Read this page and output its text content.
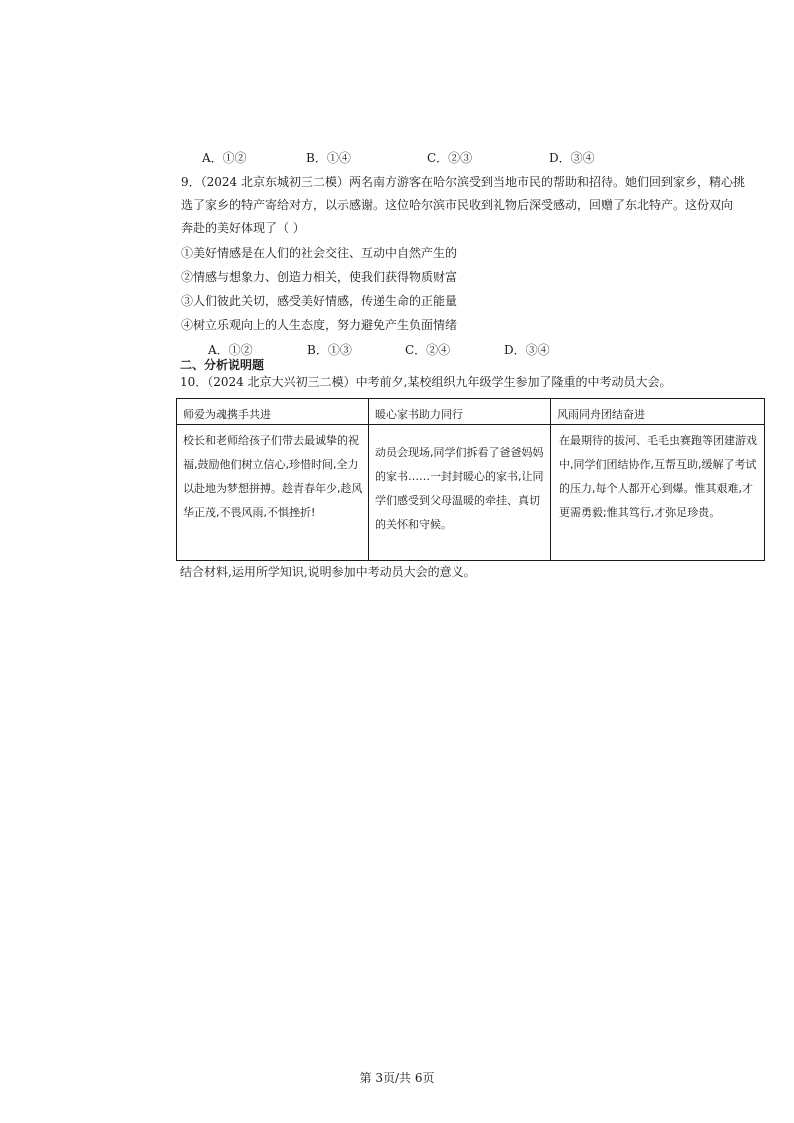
A．①②	B．①④	C．②③	D．③④
9．（2024 北京东城初三二模）两名南方游客在哈尔滨受到当地市民的帮助和招待。她们回到家乡，精心挑
选了家乡的特产寄给对方，以示感谢。这位哈尔滨市民收到礼物后深受感动，回赠了东北特产。这份双向
奔赴的美好体现了（ ）
①美好情感是在人们的社会交往、互动中自然产生的
②情感与想象力、创造力相关，使我们获得物质财富
③人们彼此关切，感受美好情感，传递生命的正能量
④树立乐观向上的人生态度，努力避免产生负面情绪
A．①②	B．①③	C．②④	D．③④
二、分析说明题
10．（2024 北京大兴初三二模）中考前夕,某校组织九年级学生参加了隆重的中考动员大会。
师爱为魂携手共进	暖心家书助力同行	风雨同舟团结奋进

校长和老师给孩子们带去最诚挚的祝福,鼓励他们树立信心,珍惜时间,全力以赴地为梦想拼搏。趁青春年少,趁风华正茂,不畏风雨,不惧挫折!	动员会现场,同学们拆看了爸爸妈妈的家书……一封封暖心的家书,让同学们感受到父母温暖的牵挂、真切的关怀和守候。	在最期待的拔河、毛毛虫赛跑等团建游戏中,同学们团结协作,互帮互助,缓解了考试的压力,每个人都开心到爆。惟其艰难,才更需勇毅;惟其笃行,才弥足珍贵。
结合材料,运用所学知识,说明参加中考动员大会的意义。
第 3页/共 6页
